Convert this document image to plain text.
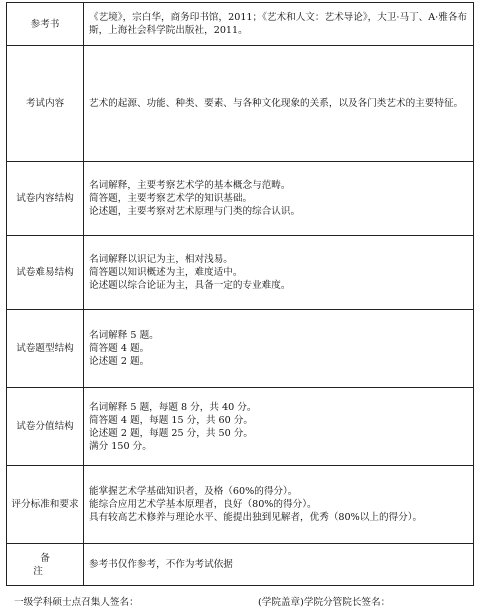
参考书	《艺境》，宗白华，商务印书馆，2011；《艺术和人文：艺术导论》，大卫·马丁、A·雅各布斯，上海社会科学院出版社，2011。

考试内容	艺术的起源、功能、种类、要素、与各种文化现象的关系，以及各门类艺术的主要特征。

试卷内容结构	名词解释，主要考察艺术学的基本概念与范畴。
简答题，主要考察艺术学的知识基础。
论述题，主要考察对艺术原理与门类的综合认识。

试卷难易结构	名词解释以识记为主，相对浅易。
简答题以知识概述为主，难度适中。
论述题以综合论证为主，具备一定的专业难度。

试卷题型结构	名词解释 5 题。
简答题 4 题。
论述题 2 题。

试卷分值结构	名词解释 5 题，每题 8 分，共 40 分。
简答题 4 题，每题 15 分，共 60 分。
论述题 2 题，每题 25 分，共 50 分。
满分 150 分。

评分标准和要求	能掌握艺术学基础知识者，及格（60%的得分）。
能综合应用艺术学基本原理者，良好（80%的得分）。
具有较高艺术修养与理论水平、能提出独到见解者，优秀（80%以上的得分）。

备 注	参考书仅作参考，不作为考试依据
一级学科硕士点召集人签名：	(学院盖章)学院分管院长签名：
